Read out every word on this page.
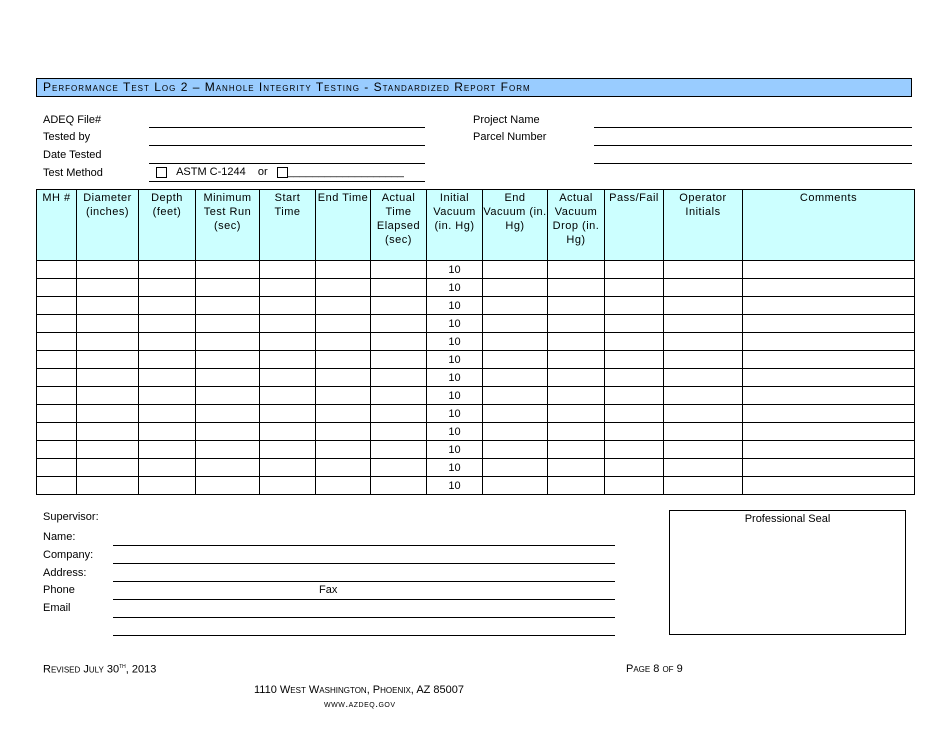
Performance Test Log 2 – Manhole Integrity Testing - Standardized Report Form
ADEQ File#
Tested by
Date Tested
Test Method	ASTM C-1244 or ___________________
Project Name
Parcel Number
MH #	Diameter (inches)	Depth (feet)	Minimum Test Run (sec)	Start Time	End Time	Actual Time Elapsed (sec)	Initial Vacuum (in. Hg)	End Vacuum (in. Hg)	Actual Vacuum Drop (in. Hg)	Pass/Fail	Operator Initials	Comments
							10					
							10					
							10					
							10					
							10					
							10					
							10					
							10					
							10					
							10					
							10					
							10					
							10					
Supervisor:
Name:
Company:
Address:
Phone	Fax
Email
Professional Seal
Revised July 30th, 2013	Page 8 of 9
1110 West Washington, Phoenix, AZ 85007
www.azdeq.gov
